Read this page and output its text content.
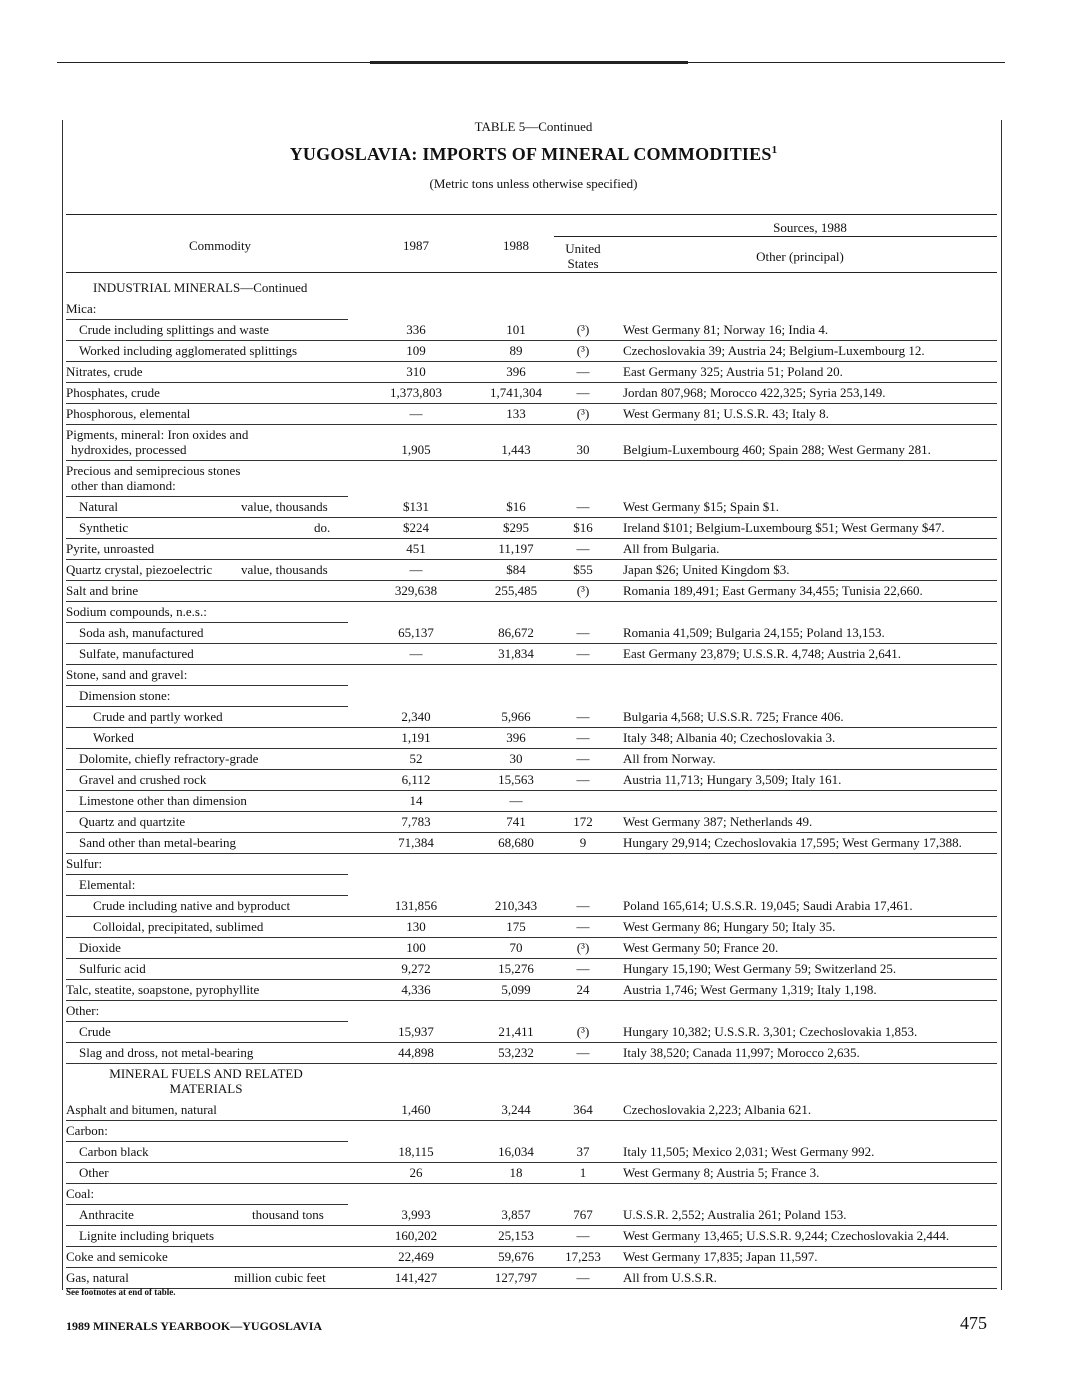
TABLE 5—Continued
YUGOSLAVIA: IMPORTS OF MINERAL COMMODITIES$^1$
(Metric tons unless otherwise specified)
Commodity	1987	1988
Sources, 1988
United
States	Other (principal)
INDUSTRIAL MINERALS—Continued
Mica:
Crude including splittings and waste	336	101	(³)	West Germany 81; Norway 16; India 4.
Worked including agglomerated splittings	109	89	(³)	Czechoslovakia 39; Austria 24; Belgium-Luxembourg 12.
Nitrates, crude	310	396	—	East Germany 325; Austria 51; Poland 20.
Phosphates, crude	1,373,803	1,741,304	—	Jordan 807,968; Morocco 422,325; Syria 253,149.
Phosphorous, elemental	—	133	(³)	West Germany 81; U.S.S.R. 43; Italy 8.
Pigments, mineral: Iron oxides and
hydroxides, processed	1,905	1,443	30	Belgium-Luxembourg 460; Spain 288; West Germany 281.
Precious and semiprecious stones
other than diamond:
Natural	value, thousands	$131	$16	—	West Germany $15; Spain $1.
Synthetic	do.	$224	$295	$16	Ireland $101; Belgium-Luxembourg $51; West Germany $47.
Pyrite, unroasted	451	11,197	—	All from Bulgaria.
Quartz crystal, piezoelectric value, thousands	—	$84	$55	Japan $26; United Kingdom $3.
Salt and brine	329,638	255,485	(³)	Romania 189,491; East Germany 34,455; Tunisia 22,660.
Sodium compounds, n.e.s.:
Soda ash, manufactured	65,137	86,672	—	Romania 41,509; Bulgaria 24,155; Poland 13,153.
Sulfate, manufactured	—	31,834	—	East Germany 23,879; U.S.S.R. 4,748; Austria 2,641.
Stone, sand and gravel:
Dimension stone:
Crude and partly worked	2,340	5,966	—	Bulgaria 4,568; U.S.S.R. 725; France 406.
Worked	1,191	396	—	Italy 348; Albania 40; Czechoslovakia 3.
Dolomite, chiefly refractory-grade	52	30	—	All from Norway.
Gravel and crushed rock	6,112	15,563	—	Austria 11,713; Hungary 3,509; Italy 161.
Limestone other than dimension	14	—
Quartz and quartzite	7,783	741	172	West Germany 387; Netherlands 49.
Sand other than metal-bearing	71,384	68,680	9	Hungary 29,914; Czechoslovakia 17,595; West Germany 17,388.
Sulfur:
Elemental:
Crude including native and byproduct	131,856	210,343	—	Poland 165,614; U.S.S.R. 19,045; Saudi Arabia 17,461.
Colloidal, precipitated, sublimed	130	175	—	West Germany 86; Hungary 50; Italy 35.
Dioxide	100	70	(³)	West Germany 50; France 20.
Sulfuric acid	9,272	15,276	—	Hungary 15,190; West Germany 59; Switzerland 25.
Talc, steatite, soapstone, pyrophyllite	4,336	5,099	24	Austria 1,746; West Germany 1,319; Italy 1,198.
Other:
Crude	15,937	21,411	(³)	Hungary 10,382; U.S.S.R. 3,301; Czechoslovakia 1,853.
Slag and dross, not metal-bearing	44,898	53,232	—	Italy 38,520; Canada 11,997; Morocco 2,635.
MINERAL FUELS AND RELATED
MATERIALS
Asphalt and bitumen, natural	1,460	3,244	364	Czechoslovakia 2,223; Albania 621.
Carbon:
Carbon black	18,115	16,034	37	Italy 11,505; Mexico 2,031; West Germany 992.
Other	26	18	1	West Germany 8; Austria 5; France 3.
Coal:
Anthracite	thousand tons	3,993	3,857	767	U.S.S.R. 2,552; Australia 261; Poland 153.
Lignite including briquets	160,202	25,153	—	West Germany 13,465; U.S.S.R. 9,244; Czechoslovakia 2,444.
Coke and semicoke	22,469	59,676	17,253	West Germany 17,835; Japan 11,597.
Gas, natural	million cubic feet	141,427	127,797	—	All from U.S.S.R.
See footnotes at end of table.
1989 MINERALS YEARBOOK—YUGOSLAVIA	475
